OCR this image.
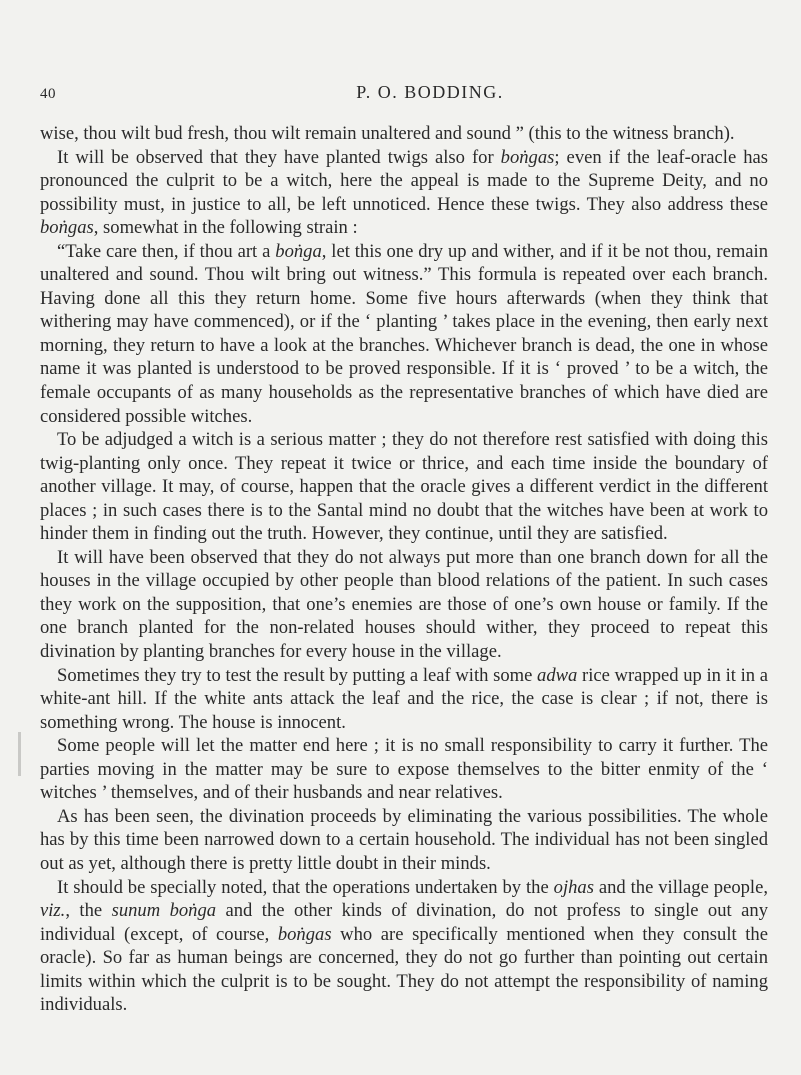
40	P. O. BODDING.

wise, thou wilt bud fresh, thou wilt remain unaltered and sound ” (this to the witness branch).

It will be observed that they have planted twigs also for boṅgas; even if the leaf-oracle has pronounced the culprit to be a witch, here the appeal is made to the Supreme Deity, and no possibility must, in justice to all, be left unnoticed. Hence these twigs. They also address these boṅgas, somewhat in the following strain :

“Take care then, if thou art a boṅga, let this one dry up and wither, and if it be not thou, remain unaltered and sound. Thou wilt bring out witness.” This formula is repeated over each branch. Having done all this they return home. Some five hours afterwards (when they think that withering may have commenced), or if the ‘ planting ’ takes place in the evening, then early next morning, they return to have a look at the branches. Whichever branch is dead, the one in whose name it was planted is understood to be proved responsible. If it is ‘ proved ’ to be a witch, the female occupants of as many households as the representative branches of which have died are considered possible witches.

To be adjudged a witch is a serious matter ; they do not therefore rest satisfied with doing this twig-planting only once. They repeat it twice or thrice, and each time inside the boundary of another village. It may, of course, happen that the oracle gives a different verdict in the different places ; in such cases there is to the Santal mind no doubt that the witches have been at work to hinder them in finding out the truth. However, they continue, until they are satisfied.

It will have been observed that they do not always put more than one branch down for all the houses in the village occupied by other people than blood relations of the patient. In such cases they work on the supposition, that one’s enemies are those of one’s own house or family. If the one branch planted for the non-related houses should wither, they proceed to repeat this divination by planting branches for every house in the village.

Sometimes they try to test the result by putting a leaf with some adwa rice wrapped up in it in a white-ant hill. If the white ants attack the leaf and the rice, the case is clear ; if not, there is something wrong. The house is innocent.

Some people will let the matter end here ; it is no small responsibility to carry it further. The parties moving in the matter may be sure to expose themselves to the bitter enmity of the ‘ witches ’ themselves, and of their husbands and near relatives.

As has been seen, the divination proceeds by eliminating the various possibilities. The whole has by this time been narrowed down to a certain household. The individual has not been singled out as yet, although there is pretty little doubt in their minds.

It should be specially noted, that the operations undertaken by the ojhas and the village people, viz., the sunum boṅga and the other kinds of divination, do not profess to single out any individual (except, of course, boṅgas who are specifically mentioned when they consult the oracle). So far as human beings are concerned, they do not go further than pointing out certain limits within which the culprit is to be sought. They do not attempt the responsibility of naming individuals.
